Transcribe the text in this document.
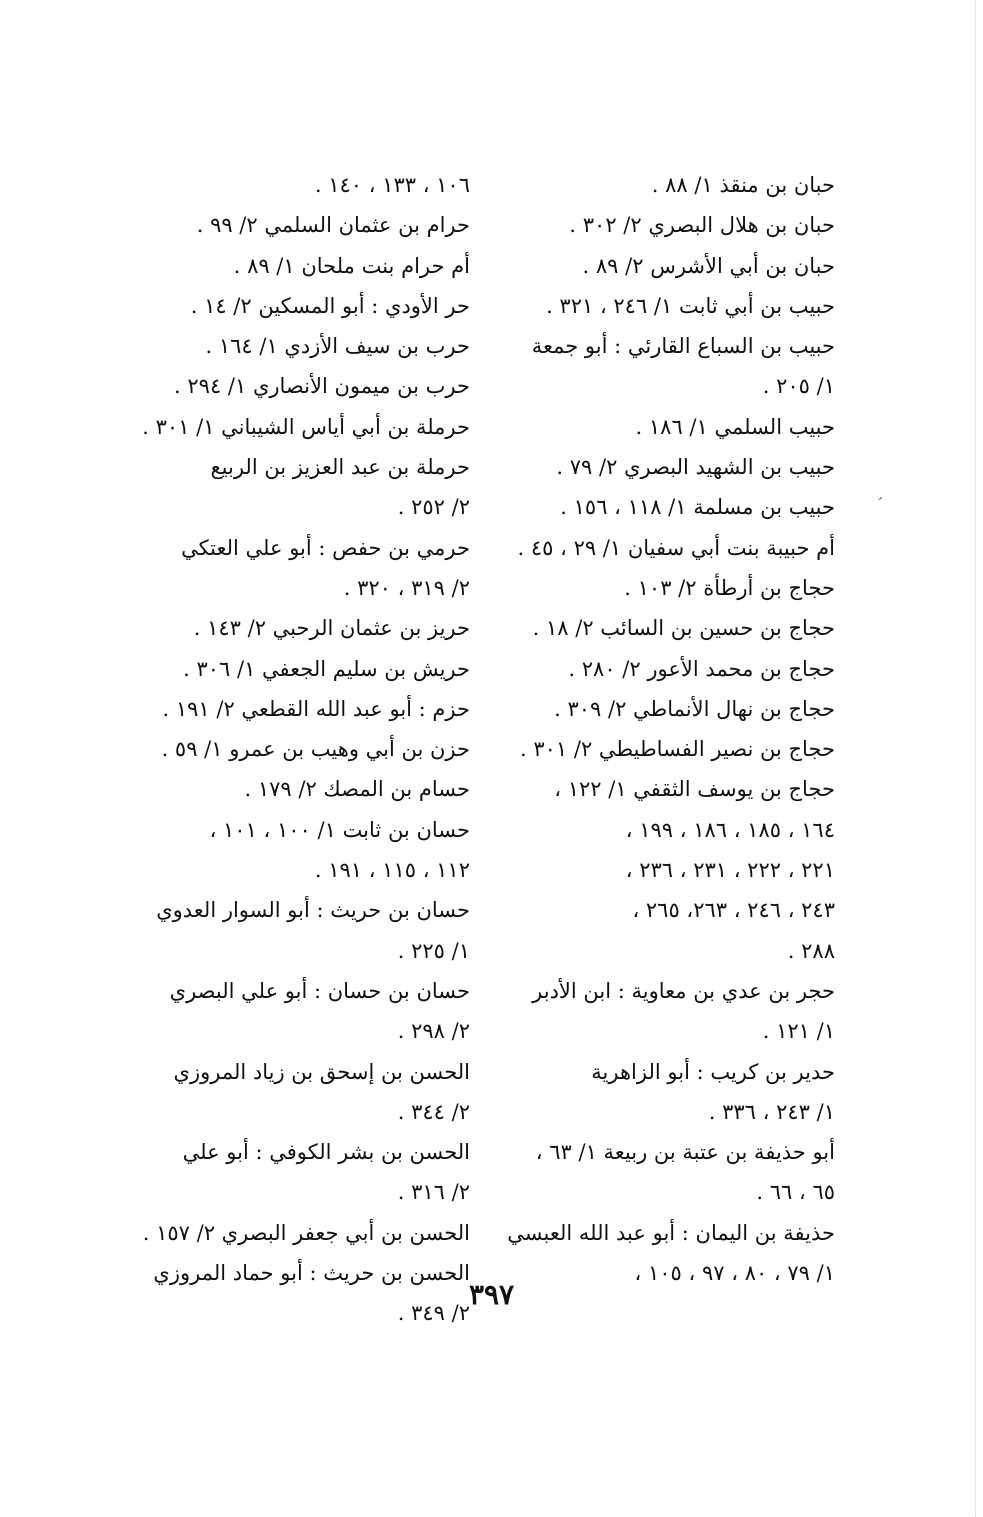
,
حبان بن منقذ ١/ ٨٨ .
حبان بن هلال البصري ٢/ ٣٠٢ .
حبان بن أبي الأشرس ٢/ ٨٩ .
حبيب بن أبي ثابت ١/ ٢٤٦ ، ٣٢١ .
حبيب بن السباع القارئي : أبو جمعة
١/ ٢٠٥ .
حبيب السلمي ١/ ١٨٦ .
حبيب بن الشهيد البصري ٢/ ٧٩ .
حبيب بن مسلمة ١/ ١١٨ ، ١٥٦ .
أم حبيبة بنت أبي سفيان ١/ ٢٩ ، ٤٥ .
حجاج بن أرطأة ٢/ ١٠٣ .
حجاج بن حسين بن السائب ٢/ ١٨ .
حجاج بن محمد الأعور ٢/ ٢٨٠ .
حجاج بن نهال الأنماطي ٢/ ٣٠٩ .
حجاج بن نصير الفساطيطي ٢/ ٣٠١ .
حجاج بن يوسف الثقفي ١/ ١٢٢ ،
١٦٤ ، ١٨٥ ، ١٨٦ ، ١٩٩ ،
٢٢١ ، ٢٢٢ ، ٢٣١ ، ٢٣٦ ،
٢٤٣ ، ٢٤٦ ، ٢٦٣، ٢٦٥ ،
٢٨٨ .
حجر بن عدي بن معاوية : ابن الأدبر
١/ ١٢١ .
حدير بن كريب : أبو الزاهرية
١/ ٢٤٣ ، ٣٣٦ .
أبو حذيفة بن عتبة بن ربيعة ١/ ٦٣ ،
٦٥ ، ٦٦ .
حذيفة بن اليمان : أبو عبد الله العبسي
١/ ٧٩ ، ٨٠ ، ٩٧ ، ١٠٥ ،
١٠٦ ، ١٣٣ ، ١٤٠ .
حرام بن عثمان السلمي ٢/ ٩٩ .
أم حرام بنت ملحان ١/ ٨٩ .
حر الأودي : أبو المسكين ٢/ ١٤ .
حرب بن سيف الأزدي ١/ ١٦٤ .
حرب بن ميمون الأنصاري ١/ ٢٩٤ .
حرملة بن أبي أياس الشيباني ١/ ٣٠١ .
حرملة بن عبد العزيز بن الربيع
٢/ ٢٥٢ .
حرمي بن حفص : أبو علي العتكي
٢/ ٣١٩ ، ٣٢٠ .
حريز بن عثمان الرحبي ٢/ ١٤٣ .
حريش بن سليم الجعفي ١/ ٣٠٦ .
حزم : أبو عبد الله القطعي ٢/ ١٩١ .
حزن بن أبي وهيب بن عمرو ١/ ٥٩ .
حسام بن المصك ٢/ ١٧٩ .
حسان بن ثابت ١/ ١٠٠ ، ١٠١ ،
١١٢ ، ١١٥ ، ١٩١ .
حسان بن حريث : أبو السوار العدوي
١/ ٢٢٥ .
حسان بن حسان : أبو علي البصري
٢/ ٢٩٨ .
الحسن بن إسحق بن زياد المروزي
٢/ ٣٤٤ .
الحسن بن بشر الكوفي : أبو علي
٢/ ٣١٦ .
الحسن بن أبي جعفر البصري ٢/ ١٥٧ .
الحسن بن حريث : أبو حماد المروزي
٢/ ٣٤٩ .
٣٩٧
